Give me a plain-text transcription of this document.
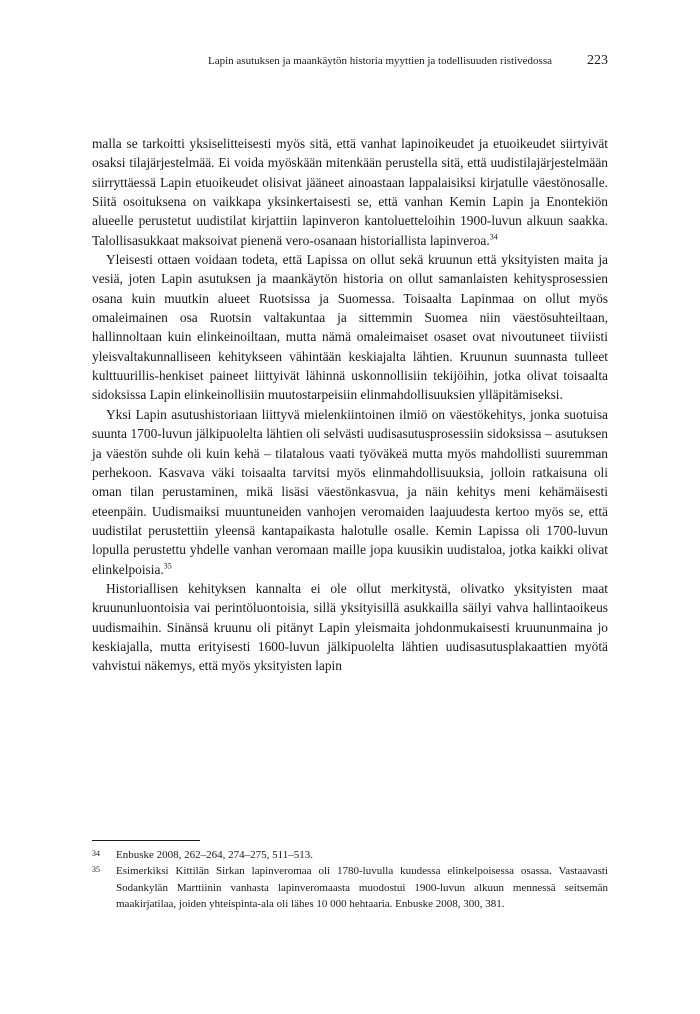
Lapin asutuksen ja maankäytön historia myyttien ja todellisuuden ristivedossa	223

malla se tarkoitti yksiselitteisesti myös sitä, että vanhat lapinoikeudet ja etuoikeudet siirtyivät osaksi tilajärjestelmää. Ei voida myöskään mitenkään perustella sitä, että uudistilajärjestelmään siirryttäessä Lapin etuoikeudet olisivat jääneet ainoastaan lappalaisiksi kirjatulle väestönosalle. Siitä osoituksena on vaikkapa yksinkertaisesti se, että vanhan Kemin Lapin ja Enontekiön alueelle perustetut uudistilat kirjattiin lapinveron kantoluetteloihin 1900-luvun alkuun saakka. Talollisasukkaat maksoivat pienenä vero-osanaan historiallista lapinveroa.$^{34}$

Yleisesti ottaen voidaan todeta, että Lapissa on ollut sekä kruunun että yksityisten maita ja vesiä, joten Lapin asutuksen ja maankäytön historia on ollut samanlaisten kehitysprosessien osana kuin muutkin alueet Ruotsissa ja Suomessa. Toisaalta Lapinmaa on ollut myös omaleimainen osa Ruotsin valtakuntaa ja sittemmin Suomea niin väestösuhteiltaan, hallinnoltaan kuin elinkeinoiltaan, mutta nämä omaleimaiset osaset ovat nivoutuneet tiiviisti yleisvaltakunnalliseen kehitykseen vähintään keskiajalta lähtien. Kruunun suunnasta tulleet kulttuurillis-henkiset paineet liittyivät lähinnä uskonnollisiin tekijöihin, jotka olivat toisaalta sidoksissa Lapin elinkeinollisiin muutostarpeisiin elinmahdollisuuksien ylläpitämiseksi.

Yksi Lapin asutushistoriaan liittyvä mielenkiintoinen ilmiö on väestökehitys, jonka suotuisa suunta 1700-luvun jälkipuolelta lähtien oli selvästi uudisasutusprosessiin sidoksissa – asutuksen ja väestön suhde oli kuin kehä – tilatalous vaati työväkeä mutta myös mahdollisti suuremman perhekoon. Kasvava väki toisaalta tarvitsi myös elinmahdollisuuksia, jolloin ratkaisuna oli oman tilan perustaminen, mikä lisäsi väestönkasvua, ja näin kehitys meni kehämäisesti eteenpäin. Uudismaiksi muuntuneiden vanhojen veromaiden laajuudesta kertoo myös se, että uudistilat perustettiin yleensä kantapaikasta halotulle osalle. Kemin Lapissa oli 1700-luvun lopulla perustettu yhdelle vanhan veromaan maille jopa kuusikin uudistaloa, jotka kaikki olivat elinkelpoisia.$^{35}$

Historiallisen kehityksen kannalta ei ole ollut merkitystä, olivatko yksityisten maat kruununluontoisia vai perintöluontoisia, sillä yksityisillä asukkailla säilyi vahva hallintaoikeus uudismaihin. Sinänsä kruunu oli pitänyt Lapin yleismaita johdonmukaisesti kruununmaina jo keskiajalla, mutta erityisesti 1600-luvun jälkipuolelta lähtien uudisasutusplakaattien myötä vahvistui näkemys, että myös yksityisten lapin

34 Enbuske 2008, 262–264, 274–275, 511–513.
35 Esimerkiksi Kittilän Sirkan lapinveromaa oli 1780-luvulla kuudessa elinkelpoisessa osassa. Vastaavasti Sodankylän Marttiinin vanhasta lapinveromaasta muodostui 1900-luvun alkuun mennessä seitsemän maakirjatilaa, joiden yhteispinta-ala oli lähes 10 000 hehtaaria. Enbuske 2008, 300, 381.
